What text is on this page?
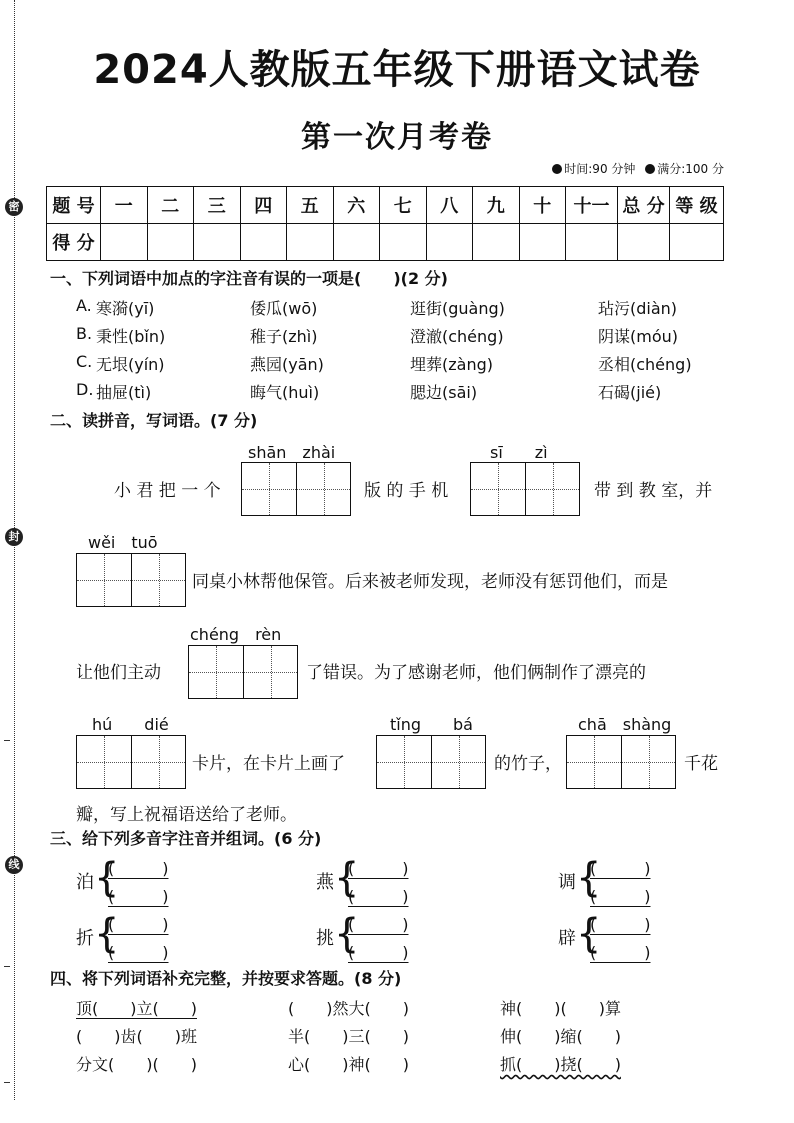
密
封
线
2024人教版五年级下册语文试卷
第一次月考卷
时间:90 分钟 满分:100 分
题 号	一	二	三	四	五	六	七	八	九	十	十一	总 分	等 级
得 分													
一、下列词语中加点的字注音有误的一项是(　　)(2 分)
A. 寒漪(yī)	倭瓜(wō)	逛街(guàng)	玷污(diàn)
B. 秉性(bǐn)	稚子(zhì)	澄澈(chéng)	阴谋(móu)
C. 无垠(yín)	燕园(yān)	埋葬(zàng)	丞相(chéng)
D. 抽屉(tì)	晦气(huì)	腮边(sāi)	石碣(jié)
二、读拼音，写词语。(7 分)
shān　zhài	sī　　zì
小 君 把 一 个	版 的 手 机	带 到 教 室，并
wěi　tuō
同桌小林帮他保管。后来被老师发现，老师没有惩罚他们，而是
chéng　rèn
让他们主动	了错误。为了感谢老师，他们俩制作了漂亮的
hú　　dié	tǐng　　bá	chā　shàng
卡片，在卡片上画了	的竹子，	千花
瓣，写上祝福语送给了老师。
三、给下列多音字注音并组词。(6 分)
泊 {
(　　　)
(　　　)
燕 {
(　　　)
(　　　)
调 {
(　　　)
(　　　)
折 {
(　　　)
(　　　)
挑 {
(　　　)
(　　　)
辟 {
(　　　)
(　　　)
四、将下列词语补充完整，并按要求答题。(8 分)
顶(　　)立(　　)	(　　)然大(　　)	神(　　)(　　)算
(　　)齿(　　)班	半(　　)三(　　)	伸(　　)缩(　　)
分文(　　)(　　)	心(　　)神(　　)	抓(　　)挠(　　)
